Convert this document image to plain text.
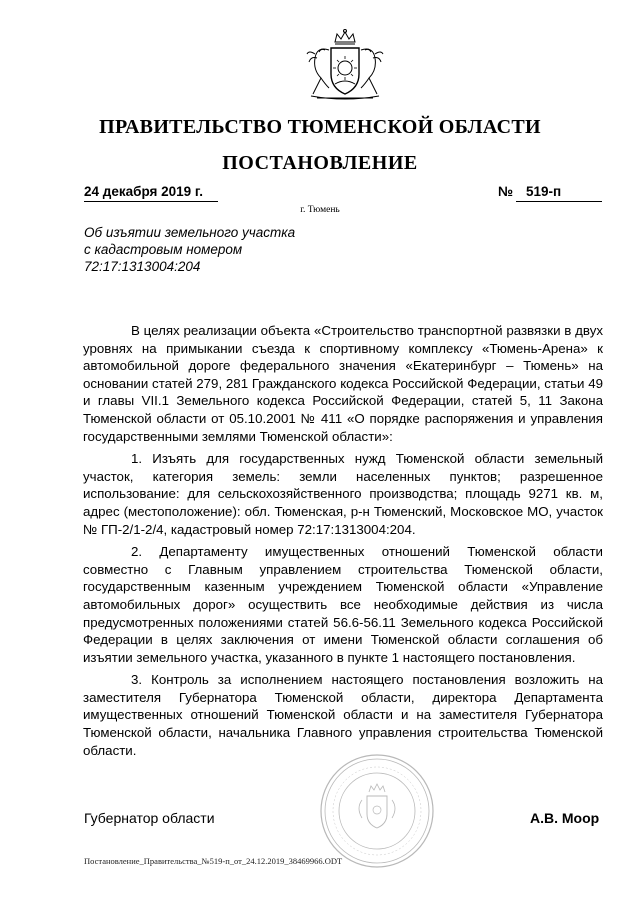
ПРАВИТЕЛЬСТВО ТЮМЕНСКОЙ ОБЛАСТИ
ПОСТАНОВЛЕНИЕ
24 декабря 2019 г.	№ 519-п
г. Тюмень
Об изъятии земельного участка
с кадастровым номером
72:17:1313004:204

В целях реализации объекта «Строительство транспортной развязки в двух уровнях на примыкании съезда к спортивному комплексу «Тюмень-Арена» к автомобильной дороге федерального значения «Екатеринбург – Тюмень» на основании статей 279, 281 Гражданского кодекса Российской Федерации, статьи 49 и главы VII.1 Земельного кодекса Российской Федерации, статей 5, 11 Закона Тюменской области от 05.10.2001 № 411 «О порядке распоряжения и управления государственными землями Тюменской области»:

1. Изъять для государственных нужд Тюменской области земельный участок, категория земель: земли населенных пунктов; разрешенное использование: для сельскохозяйственного производства; площадь 9271 кв. м, адрес (местоположение): обл. Тюменская, р-н Тюменский, Московское МО, участок № ГП-2/1-2/4, кадастровый номер 72:17:1313004:204.

2. Департаменту имущественных отношений Тюменской области совместно с Главным управлением строительства Тюменской области, государственным казенным учреждением Тюменской области «Управление автомобильных дорог» осуществить все необходимые действия из числа предусмотренных положениями статей 56.6-56.11 Земельного кодекса Российской Федерации в целях заключения от имени Тюменской области соглашения об изъятии земельного участка, указанного в пункте 1 настоящего постановления.

3. Контроль за исполнением настоящего постановления возложить на заместителя Губернатора Тюменской области, директора Департамента имущественных отношений Тюменской области и на заместителя Губернатора Тюменской области, начальника Главного управления строительства Тюменской области.

Губернатор области	А.В. Моор
Постановление_Правительства_№519-п_от_24.12.2019_38469966.ODT
